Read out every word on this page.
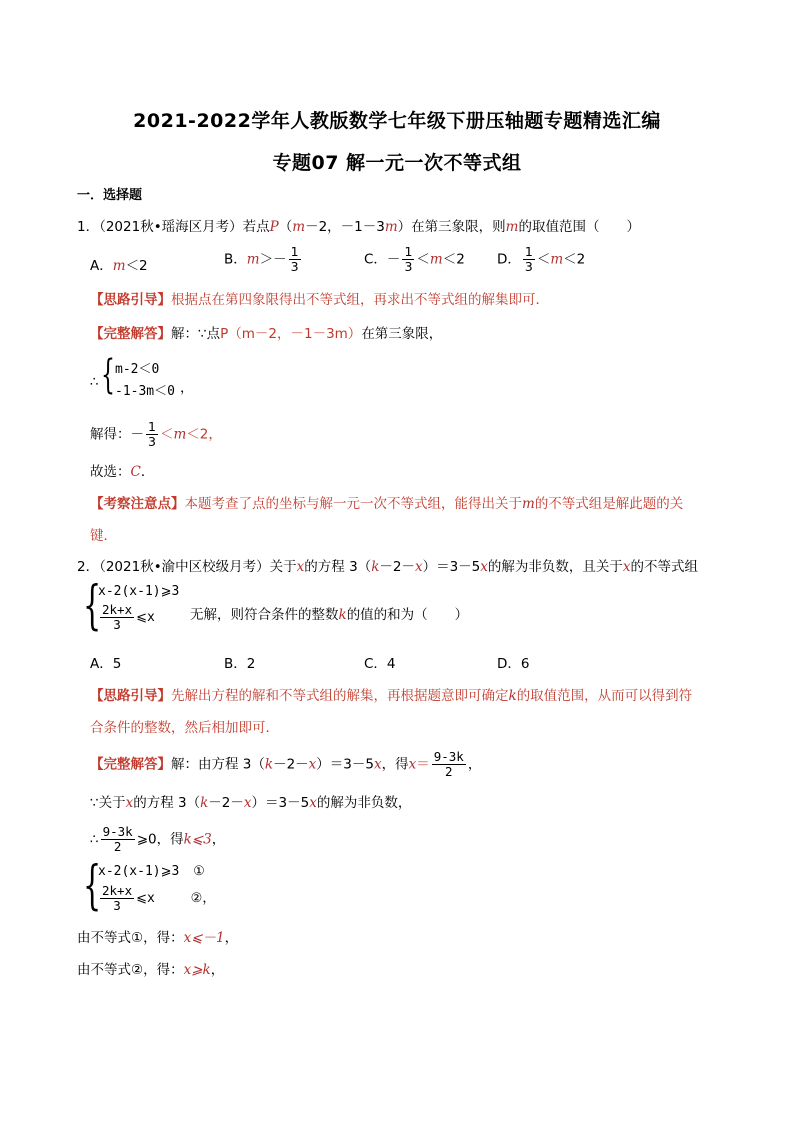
2021-2022学年人教版数学七年级下册压轴题专题精选汇编
专题07 解一元一次不等式组
一．选择题
1．（2021秋•瑶海区月考）若点P（m－2，－1－3m）在第三象限，则m的取值范围（　　）
A．m＜2	B．$m>- \frac{1}{3}$	C．－ $\frac{1}{3} <m<2$ D． $\frac{1}{3} <m<2$
【思路引导】根据点在第四象限得出不等式组，再求出不等式组的解集即可．
【完整解答】解：∵点P（m－2，－1－3m）在第三象限，
∴ { m-2＜0
-1-3m＜0 ，
解得：－ $\frac{1}{3} <m<2$，
故选：C．
【考察注意点】本题考查了点的坐标与解一元一次不等式组，能得出关于m的不等式组是解此题的关
键．
2．（2021秋•渝中区校级月考）关于x的方程 3（k－2－x）＝3－5x的解为非负数，且关于x的不等式组
{
x-2(x-1)⩾3
$\frac{2k+x}{3}$ ⩽x	无解，则符合条件的整数k的值的和为（　　）
A．5	B．2	C．4	D．6
【思路引导】先解出方程的解和不等式组的解集，再根据题意即可确定k的取值范围，从而可以得到符
合条件的整数，然后相加即可．
【完整解答】解：由方程 3（k－2－x）＝3－5x，得$x= \frac{9-3k}{2}$ ，
∵关于x的方程 3（k－2－x）＝3－5x的解为非负数，
∴ $\frac{9-3k}{2}$ ⩾0，得k⩽3，
{
x-2(x-1)⩾3 ①
$\frac{2k+x}{3}$ ⩽x	②，
由不等式①，得：x⩽－1，
由不等式②，得：x⩾k，
